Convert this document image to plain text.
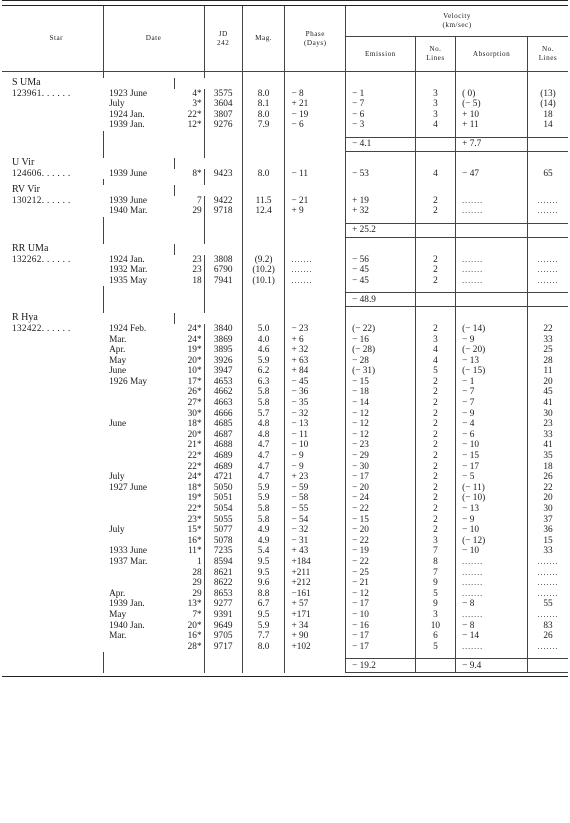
Star	Date		JD
242	Mag.	Phase
(Days)	Velocity
(km/sec)			
						Emission	No.
Lines	Absorption	No.
Lines

S UMa									
123961. . . . . .	1923 June	4*	3575	8.0	− 8	− 1	3	( 0)	(13)
	July	3*	3604	8.1	+ 21	− 7	3	(− 5)	(14)
	1924 Jan.	22*	3807	8.0	− 19	− 6	3	+ 10	18
	1939 Jan.	12*	9276	7.9	− 6	− 3	4	+ 11	14

						− 4.1		+ 7.7	

U Vir									
124606. . . . . .	1939 June	8*	9423	8.0	− 11	− 53	4	− 47	65

RV Vir									
130212. . . . . .	1939 June	7	9422	11.5	− 21	+ 19	2	.......	.......
	1940 Mar.	29	9718	12.4	+ 9	+ 32	2	.......	.......

						+ 25.2			

RR UMa									
132262. . . . . .	1924 Jan.	23	3808	(9.2)	.......	− 56	2	.......	.......
	1932 Mar.	23	6790	(10.2)	.......	− 45	2	.......	.......
	1935 May	18	7941	(10.1)	.......	− 45	2	.......	.......

						− 48.9			

R Hya									
132422. . . . . .	1924 Feb.	24*	3840	5.0	− 23	(− 22)	2	(− 14)	22
	Mar.	24*	3869	4.0	+ 6	− 16	3	− 9	33
	Apr.	19*	3895	4.6	+ 32	(− 28)	4	(− 20)	25
	May	20*	3926	5.9	+ 63	− 28	4	− 13	28
	June	10*	3947	6.2	+ 84	(− 31)	5	(− 15)	11
	1926 May	17*	4653	6.3	− 45	− 15	2	− 1	20
		26*	4662	5.8	− 36	− 18	2	− 7	45
		27*	4663	5.8	− 35	− 14	2	− 7	41
		30*	4666	5.7	− 32	− 12	2	− 9	30
	June	18*	4685	4.8	− 13	− 12	2	− 4	23
		20*	4687	4.8	− 11	− 12	2	− 6	33
		21*	4688	4.7	− 10	− 23	2	− 10	41
		22*	4689	4.7	− 9	− 29	2	− 15	35
		22*	4689	4.7	− 9	− 30	2	− 17	18
	July	24*	4721	4.7	+ 23	− 17	2	− 5	26
	1927 June	18*	5050	5.9	− 59	− 20	2	(− 11)	22
		19*	5051	5.9	− 58	− 24	2	(− 10)	20
		22*	5054	5.8	− 55	− 22	2	− 13	30
		23*	5055	5.8	− 54	− 15	2	− 9	37
	July	15*	5077	4.9	− 32	− 20	2	− 10	36
		16*	5078	4.9	− 31	− 22	3	(− 12)	15
	1933 June	11*	7235	5.4	+ 43	− 19	7	− 10	33
	1937 Mar.	1	8594	9.5	+184	− 22	8	.......	.......
		28	8621	9.5	+211	− 25	7	.......	.......
		29	8622	9.6	+212	− 21	9	.......	.......
	Apr.	29	8653	8.8	−161	− 12	5	.......	.......
	1939 Jan.	13*	9277	6.7	+ 57	− 17	9	− 8	55
	May	7*	9391	9.5	+171	− 10	3	.......	.......
	1940 Jan.	20*	9649	5.9	+ 34	− 16	10	− 8	83
	Mar.	16*	9705	7.7	+ 90	− 17	6	− 14	26
		28*	9717	8.0	+102	− 17	5	.......	.......

						− 19.2		− 9.4	
